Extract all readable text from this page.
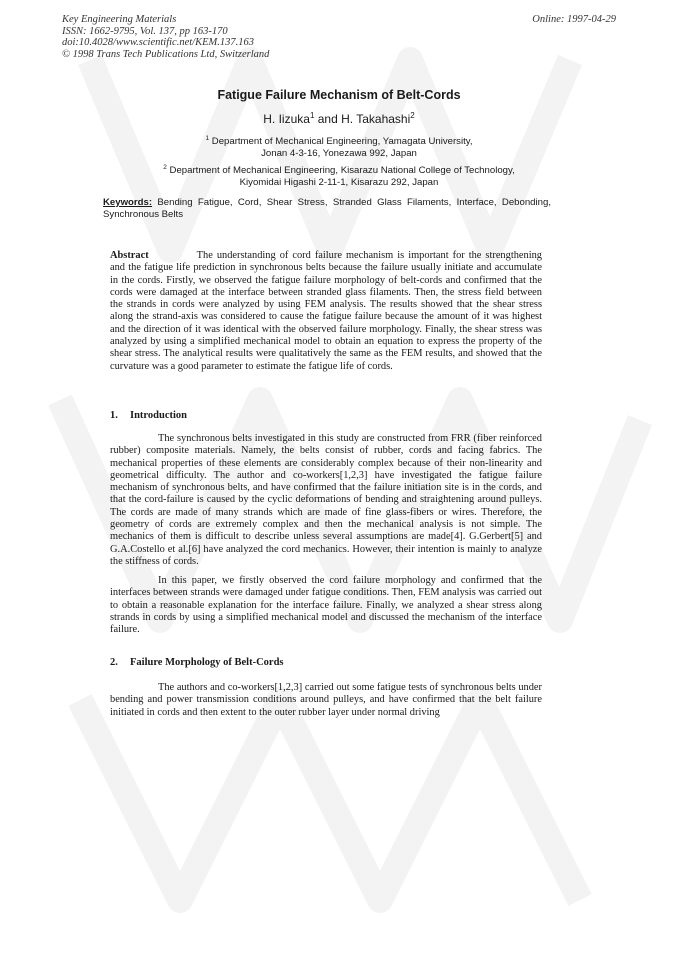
Key Engineering Materials
ISSN: 1662-9795, Vol. 137, pp 163-170
doi:10.4028/www.scientific.net/KEM.137.163
© 1998 Trans Tech Publications Ltd, Switzerland
Online: 1997-04-29
Fatigue Failure Mechanism of Belt-Cords
H. Iizuka$^1$ and H. Takahashi$^2$
$^1$ Department of Mechanical Engineering, Yamagata University,
Jonan 4-3-16, Yonezawa 992, Japan
$^2$ Department of Mechanical Engineering, Kisarazu National College of Technology,
Kiyomidai Higashi 2-11-1, Kisarazu 292, Japan
Keywords: Bending Fatigue, Cord, Shear Stress, Stranded Glass Filaments, Interface, Debonding, Synchronous Belts
Abstract	The understanding of cord failure mechanism is important for the strengthening and the fatigue life prediction in synchronous belts because the failure usually initiate and accumulate in the cords. Firstly, we observed the fatigue failure morphology of belt-cords and confirmed that the cords were damaged at the interface between stranded glass filaments. Then, the stress field between the strands in cords were analyzed by using FEM analysis. The results showed that the shear stress along the strand-axis was considered to cause the fatigue failure because the amount of it was highest and the direction of it was identical with the observed failure morphology. Finally, the shear stress was analyzed by using a simplified mechanical model to obtain an equation to express the property of the shear stress. The analytical results were qualitatively the same as the FEM results, and showed that the curvature was a good parameter to estimate the fatigue life of cords.
1. Introduction
The synchronous belts investigated in this study are constructed from FRR (fiber reinforced rubber) composite materials. Namely, the belts consist of rubber, cords and facing fabrics. The mechanical properties of these elements are considerably complex because of their non-linearity and geometrical difficulty. The author and co-workers[1,2,3] have investigated the fatigue failure mechanism of synchronous belts, and have confirmed that the failure initiation site is in the cords, and that the cord-failure is caused by the cyclic deformations of bending and straightening around pulleys. The cords are made of many strands which are made of fine glass-fibers or wires. Therefore, the geometry of cords are extremely complex and then the mechanical analysis is not simple. The mechanics of them is difficult to describe unless several assumptions are made[4]. G.Gerbert[5] and G.A.Costello et al.[6] have analyzed the cord mechanics. However, their intention is mainly to analyze the stiffness of cords.
In this paper, we firstly observed the cord failure morphology and confirmed that the interfaces between strands were damaged under fatigue conditions. Then, FEM analysis was carried out to obtain a reasonable explanation for the interface failure. Finally, we analyzed a shear stress along strands in cords by using a simplified mechanical model and discussed the mechanism of the interface failure.
2. Failure Morphology of Belt-Cords
The authors and co-workers[1,2,3] carried out some fatigue tests of synchronous belts under bending and power transmission conditions around pulleys, and have confirmed that the belt failure initiated in cords and then extent to the outer rubber layer under normal driving
